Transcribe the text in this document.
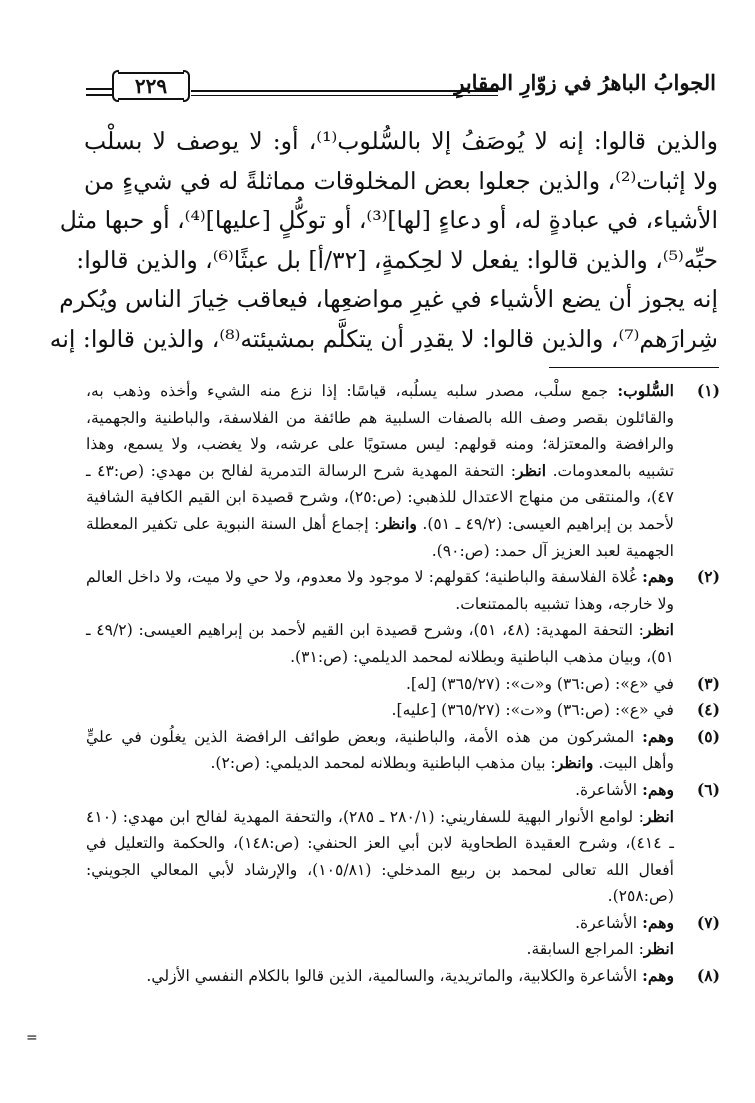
٢٢٩	الجوابُ الباهرُ في زوّارِ المقابرِ
والذين قالوا: إنه لا يُوصَفُ إلا بالسُّلوب⁽¹⁾، أو: لا يوصف لا بسلْب
ولا إثبات⁽²⁾، والذين جعلوا بعض المخلوقات مماثلةً له في شيءٍ من
الأشياء، في عبادةٍ له، أو دعاءٍ [لها]⁽³⁾، أو توكُّلٍ [عليها]⁽⁴⁾، أو حبها مثل
حبِّه⁽⁵⁾، والذين قالوا: يفعل لا لحِكمةٍ، [٣٢/أ] بل عبثًا⁽⁶⁾، والذين قالوا:
إنه يجوز أن يضع الأشياء في غيرِ مواضعِها، فيعاقب خِيارَ الناس ويُكرم
شِرارَهم⁽⁷⁾، والذين قالوا: لا يقدِر أن يتكلَّم بمشيئته⁽⁸⁾، والذين قالوا: إنه
(١)
السُّلوب: جمع سلْب، مصدر سلبه يسلُبه، قياسًا: إذا نزع منه الشيء وأخذه وذهب به، والقائلون بقصر وصف الله بالصفات السلبية هم طائفة من الفلاسفة، والباطنية والجهمية، والرافضة والمعتزلة؛ ومنه قولهم: ليس مستويًا على عرشه، ولا يغضب، ولا يسمع، وهذا تشبيه بالمعدومات. انظر: التحفة المهدية شرح الرسالة التدمرية لفالح بن مهدي: (ص:٤٣ ـ ٤٧)، والمنتقى من منهاج الاعتدال للذهبي: (ص:٢٥)، وشرح قصيدة ابن القيم الكافية الشافية لأحمد بن إبراهيم العيسى: (٤٩/٢ ـ ٥١). وانظر: إجماع أهل السنة النبوية على تكفير المعطلة الجهمية لعبد العزيز آل حمد: (ص:٩٠).
(٢)
وهم: غُلاة الفلاسفة والباطنية؛ كقولهم: لا موجود ولا معدوم، ولا حي ولا ميت، ولا داخل العالم ولا خارجه، وهذا تشبيه بالممتنعات.
انظر: التحفة المهدية: (٤٨، ٥١)، وشرح قصيدة ابن القيم لأحمد بن إبراهيم العيسى: (٤٩/٢ ـ ٥١)، وبيان مذهب الباطنية وبطلانه لمحمد الديلمي: (ص:٣١).
(٣)
في «ع»: (ص:٣٦) و«ت»: (٣٦٥/٢٧) [له].
(٤)
في «ع»: (ص:٣٦) و«ت»: (٣٦٥/٢٧) [عليه].
(٥)
وهم: المشركون من هذه الأمة، والباطنية، وبعض طوائف الرافضة الذين يغلُون في عليٍّ وأهل البيت. وانظر: بيان مذهب الباطنية وبطلانه لمحمد الديلمي: (ص:٢).
(٦)
وهم: الأشاعرة.
انظر: لوامع الأنوار البهية للسفاريني: (٢٨٠/١ ـ ٢٨٥)، والتحفة المهدية لفالح ابن مهدي: (٤١٠ ـ ٤١٤)، وشرح العقيدة الطحاوية لابن أبي العز الحنفي: (ص:١٤٨)، والحكمة والتعليل في أفعال الله تعالى لمحمد بن ربيع المدخلي: (١٠٥/٨١)، والإرشاد لأبي المعالي الجويني: (ص:٢٥٨).
(٧)
وهم: الأشاعرة.
انظر: المراجع السابقة.
(٨)
وهم: الأشاعرة والكلابية، والماتريدية، والسالمية، الذين قالوا بالكلام النفسي الأزلي.
=
